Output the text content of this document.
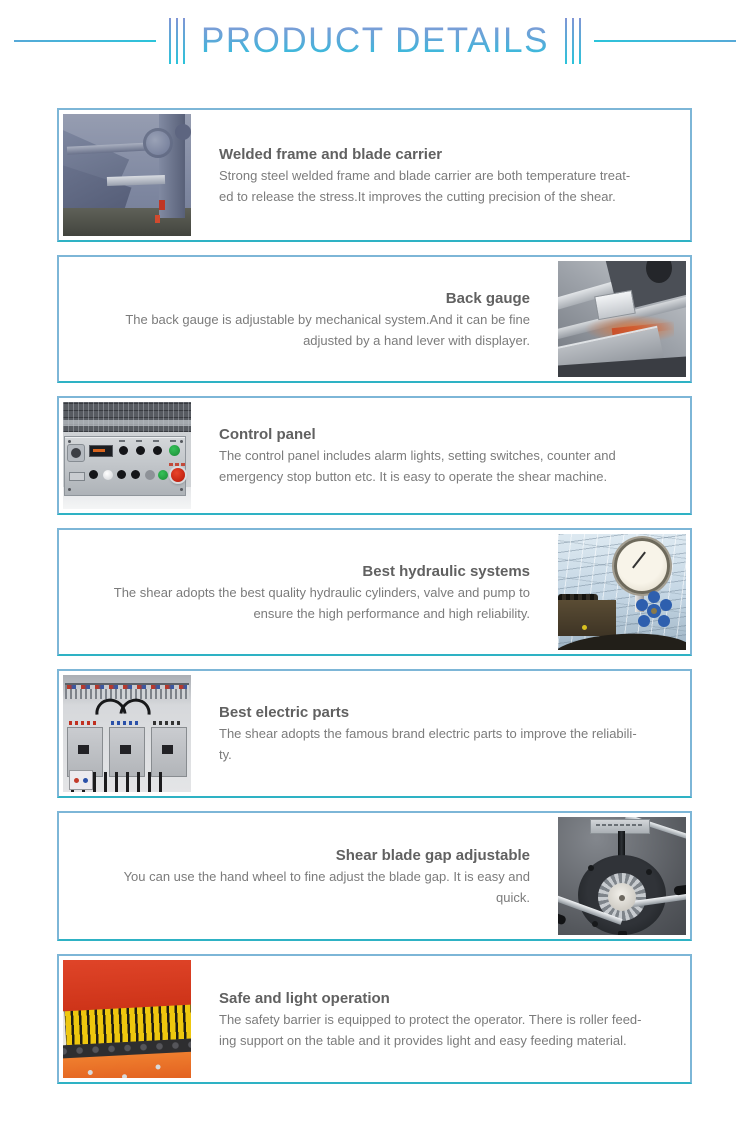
PRODUCT DETAILS
Welded frame and blade carrier
Strong steel welded frame and blade carrier are both temperature treat-
ed to release the stress.It improves the cutting precision of the shear.
Back gauge
The back gauge is adjustable by mechanical system.And it can be fine
adjusted by a hand lever with displayer.
Control panel
The control panel includes alarm lights, setting switches, counter and
emergency stop button etc. It is easy to operate the shear machine.
Best hydraulic systems
The shear adopts the best quality hydraulic cylinders, valve and pump to
ensure the high performance and high reliability.
Best electric parts
The shear adopts the famous brand electric parts to improve the reliabili-
ty.
Shear blade gap adjustable
You can use the hand wheel to fine adjust the blade gap. It is easy and
quick.
Safe and light operation
The safety barrier is equipped to protect the operator. There is roller feed-
ing support on the table and it provides light and easy feeding material.
